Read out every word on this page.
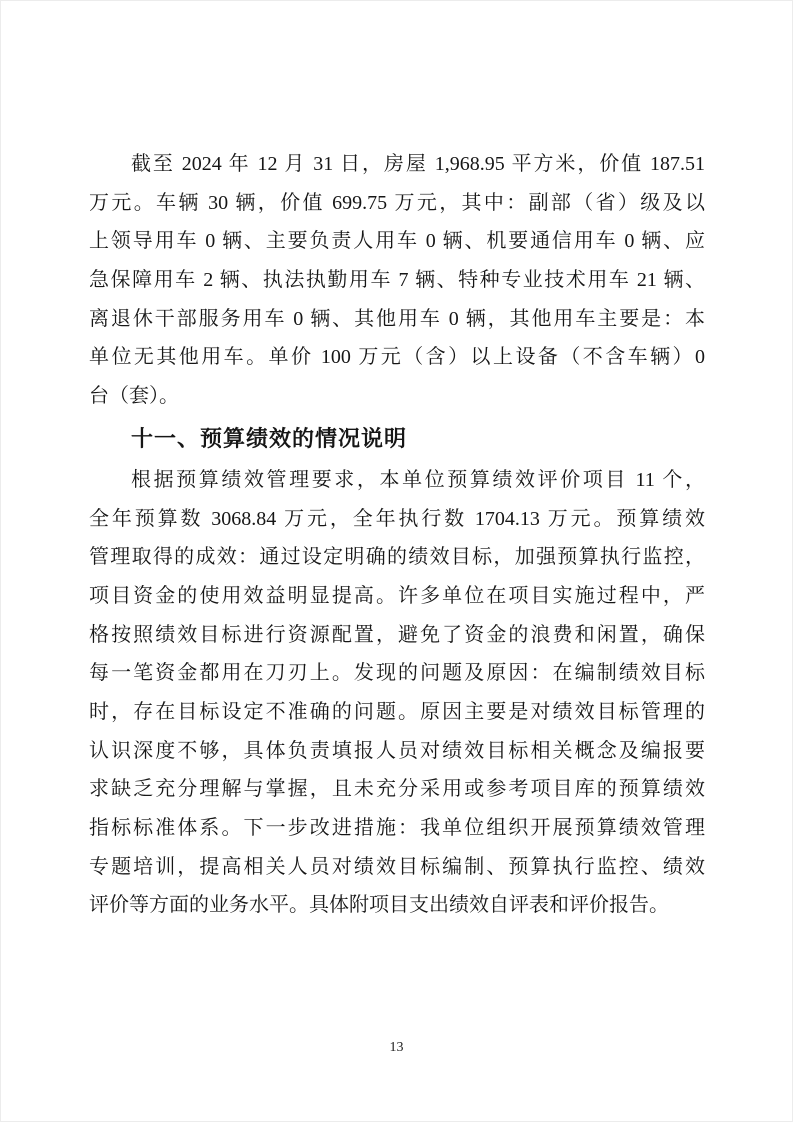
截至 2024 年 12 月 31 日，房屋 1,968.95 平方米，价值 187.51
万元。车辆 30 辆，价值 699.75 万元，其中：副部（省）级及以
上领导用车 0 辆、主要负责人用车 0 辆、机要通信用车 0 辆、应
急保障用车 2 辆、执法执勤用车 7 辆、特种专业技术用车 21 辆、
离退休干部服务用车 0 辆、其他用车 0 辆，其他用车主要是：本
单位无其他用车。单价 100 万元（含）以上设备（不含车辆）0
台（套）。
十一、预算绩效的情况说明
根据预算绩效管理要求，本单位预算绩效评价项目 11 个，
全年预算数 3068.84 万元，全年执行数 1704.13 万元。预算绩效
管理取得的成效：通过设定明确的绩效目标，加强预算执行监控，
项目资金的使用效益明显提高。许多单位在项目实施过程中，严
格按照绩效目标进行资源配置，避免了资金的浪费和闲置，确保
每一笔资金都用在刀刃上。发现的问题及原因：在编制绩效目标
时，存在目标设定不准确的问题。原因主要是对绩效目标管理的
认识深度不够，具体负责填报人员对绩效目标相关概念及编报要
求缺乏充分理解与掌握，且未充分采用或参考项目库的预算绩效
指标标准体系。下一步改进措施：我单位组织开展预算绩效管理
专题培训，提高相关人员对绩效目标编制、预算执行监控、绩效
评价等方面的业务水平。具体附项目支出绩效自评表和评价报告。
13
